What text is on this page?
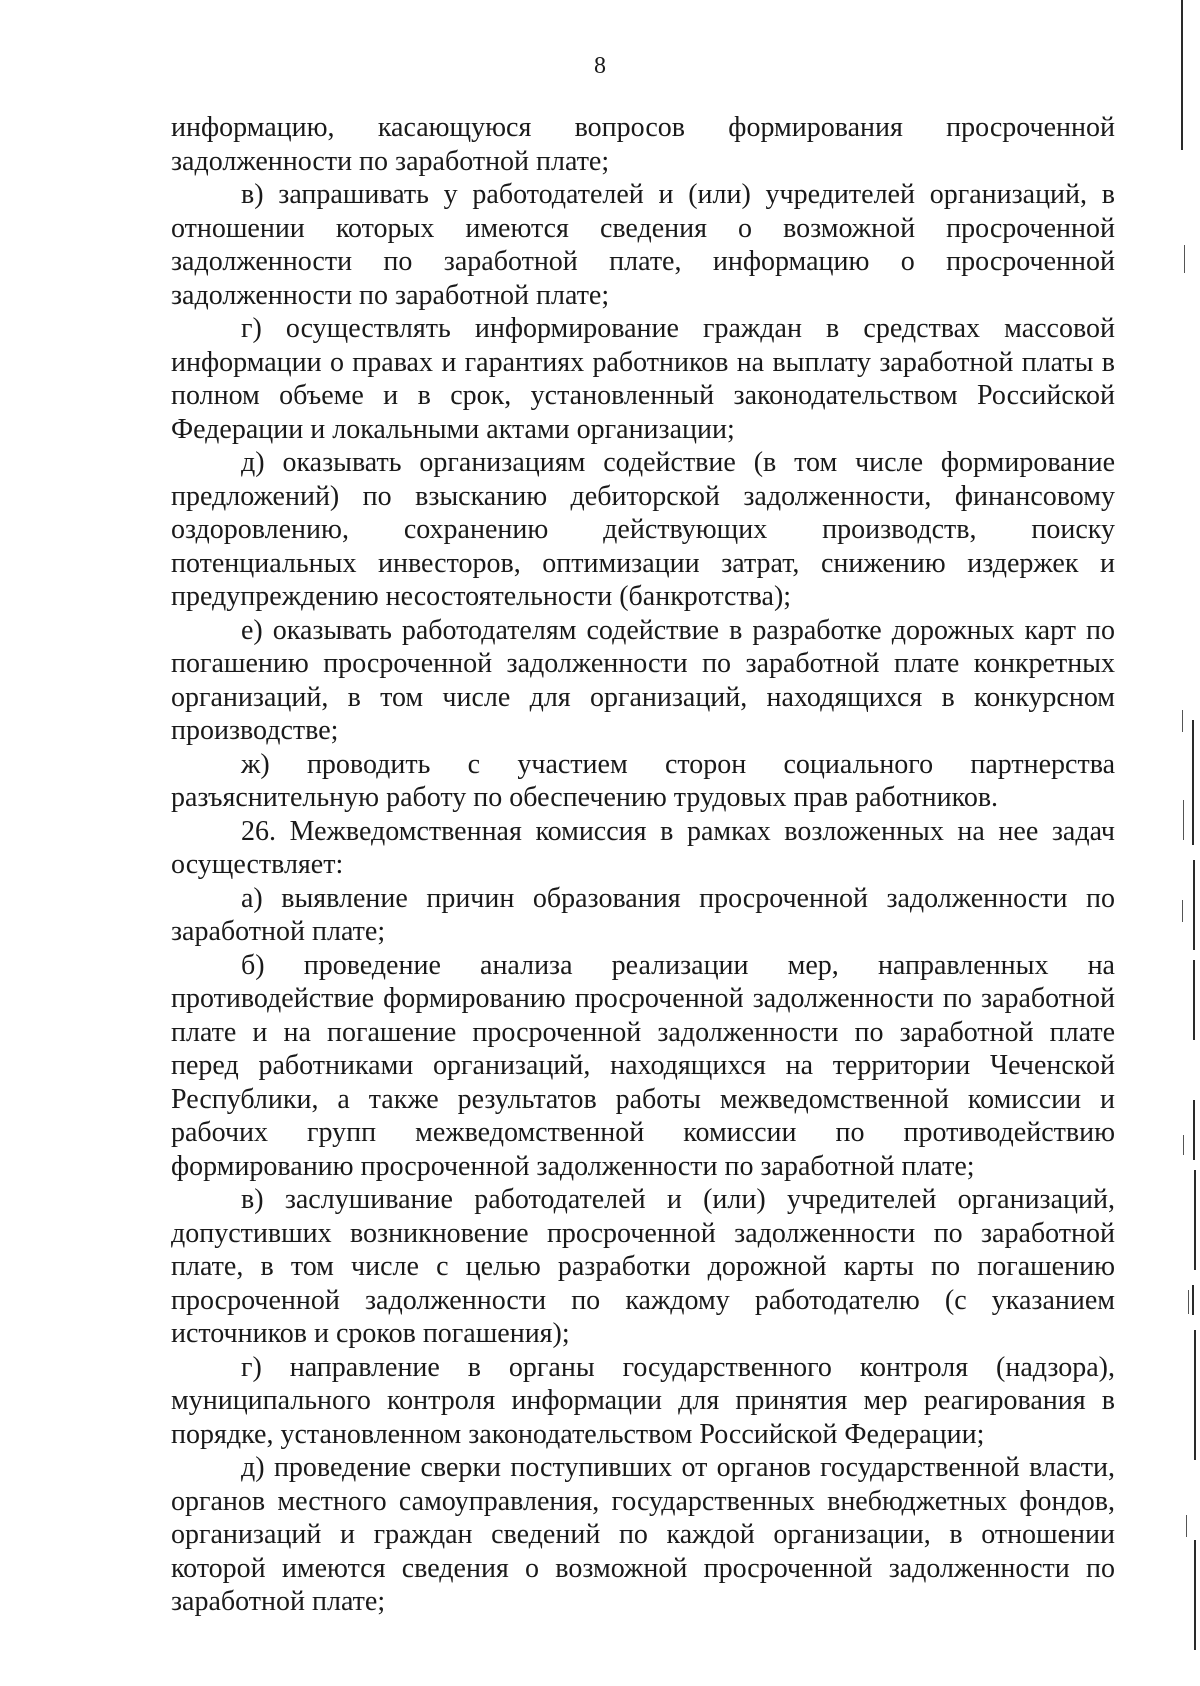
8

информацию, касающуюся вопросов формирования просроченной задолженности по заработной плате;

в) запрашивать у работодателей и (или) учредителей организаций, в отношении которых имеются сведения о возможной просроченной задолженности по заработной плате, информацию о просроченной задолженности по заработной плате;

г) осуществлять информирование граждан в средствах массовой информации о правах и гарантиях работников на выплату заработной платы в полном объеме и в срок, установленный законодательством Российской Федерации и локальными актами организации;

д) оказывать организациям содействие (в том числе формирование предложений) по взысканию дебиторской задолженности, финансовому оздоровлению, сохранению действующих производств, поиску потенциальных инвесторов, оптимизации затрат, снижению издержек и предупреждению несостоятельности (банкротства);

е) оказывать работодателям содействие в разработке дорожных карт по погашению просроченной задолженности по заработной плате конкретных организаций, в том числе для организаций, находящихся в конкурсном производстве;

ж) проводить с участием сторон социального партнерства разъяснительную работу по обеспечению трудовых прав работников.

26. Межведомственная комиссия в рамках возложенных на нее задач осуществляет:

а) выявление причин образования просроченной задолженности по заработной плате;

б) проведение анализа реализации мер, направленных на противодействие формированию просроченной задолженности по заработной плате и на погашение просроченной задолженности по заработной плате перед работниками организаций, находящихся на территории Чеченской Республики, а также результатов работы межведомственной комиссии и рабочих групп межведомственной комиссии по противодействию формированию просроченной задолженности по заработной плате;

в) заслушивание работодателей и (или) учредителей организаций, допустивших возникновение просроченной задолженности по заработной плате, в том числе с целью разработки дорожной карты по погашению просроченной задолженности по каждому работодателю (с указанием источников и сроков погашения);

г) направление в органы государственного контроля (надзора), муниципального контроля информации для принятия мер реагирования в порядке, установленном законодательством Российской Федерации;

д) проведение сверки поступивших от органов государственной власти, органов местного самоуправления, государственных внебюджетных фондов, организаций и граждан сведений по каждой организации, в отношении которой имеются сведения о возможной просроченной задолженности по заработной плате;
